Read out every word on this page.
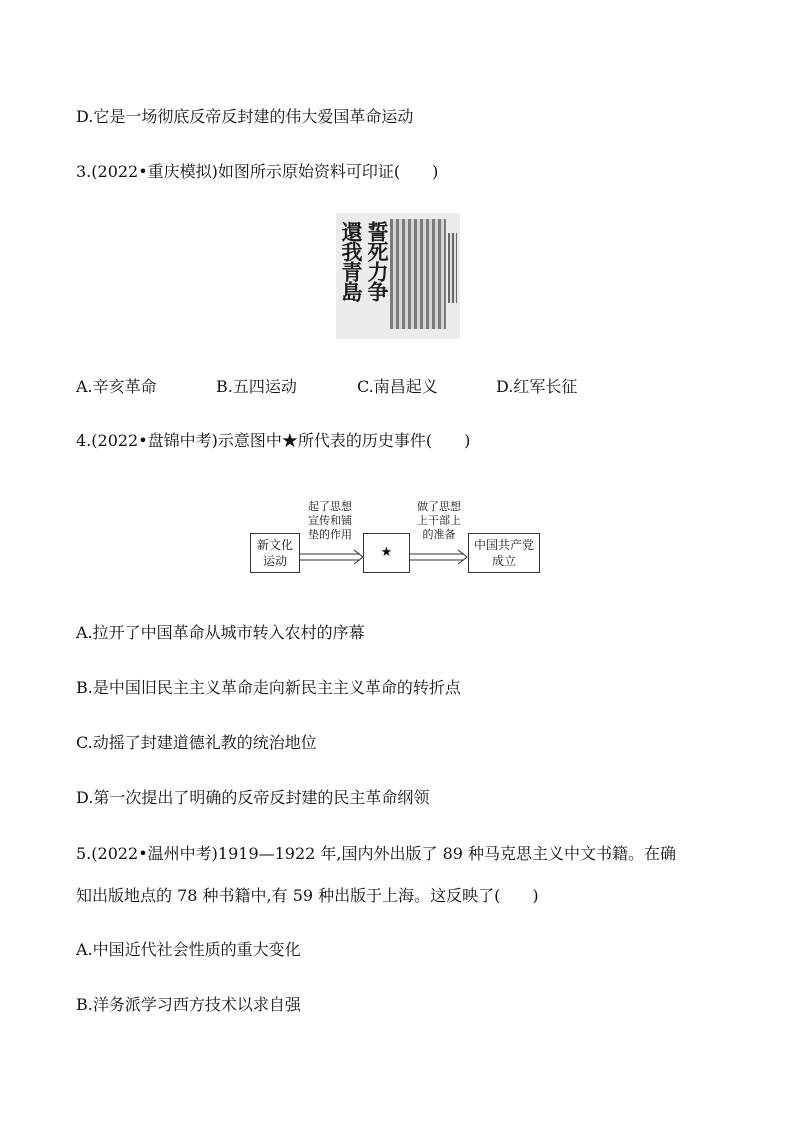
D.它是一场彻底反帝反封建的伟大爱国革命运动
3.(2022•重庆模拟)如图所示原始资料可印证(　　)
誓死力争
還我青島
A.辛亥革命	B.五四运动	C.南昌起义	D.红军长征
4.(2022•盘锦中考)示意图中★所代表的历史事件(　　)
新文化
运动
起了思想
宣传和铺
垫的作用
★
做了思想
上干部上
的准备
中国共产党
成立
A.拉开了中国革命从城市转入农村的序幕
B.是中国旧民主主义革命走向新民主主义革命的转折点
C.动摇了封建道德礼教的统治地位
D.第一次提出了明确的反帝反封建的民主革命纲领
5.(2022•温州中考)1919—1922 年,国内外出版了 89 种马克思主义中文书籍。在确
知出版地点的 78 种书籍中,有 59 种出版于上海。这反映了(　　)
A.中国近代社会性质的重大变化
B.洋务派学习西方技术以求自强
